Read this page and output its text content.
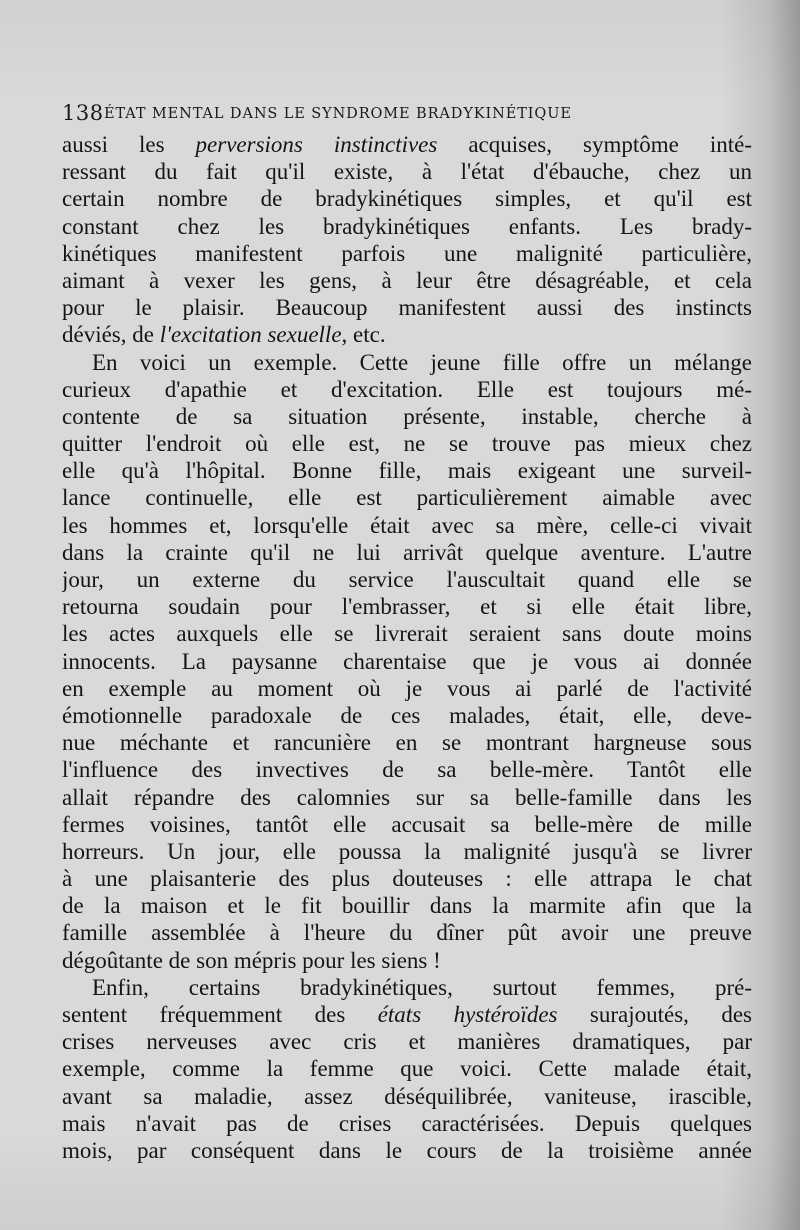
138 ÉTAT MENTAL DANS LE SYNDROME BRADYKINÉTIQUE
aussi les perversions instinctives acquises, symptôme inté-
ressant du fait qu'il existe, à l'état d'ébauche, chez un
certain nombre de bradykinétiques simples, et qu'il est
constant chez les bradykinétiques enfants. Les brady-
kinétiques manifestent parfois une malignité particulière,
aimant à vexer les gens, à leur être désagréable, et cela
pour le plaisir. Beaucoup manifestent aussi des instincts
déviés, de l'excitation sexuelle, etc.
En voici un exemple. Cette jeune fille offre un mélange
curieux d'apathie et d'excitation. Elle est toujours mé-
contente de sa situation présente, instable, cherche à
quitter l'endroit où elle est, ne se trouve pas mieux chez
elle qu'à l'hôpital. Bonne fille, mais exigeant une surveil-
lance continuelle, elle est particulièrement aimable avec
les hommes et, lorsqu'elle était avec sa mère, celle-ci vivait
dans la crainte qu'il ne lui arrivât quelque aventure. L'autre
jour, un externe du service l'auscultait quand elle se
retourna soudain pour l'embrasser, et si elle était libre,
les actes auxquels elle se livrerait seraient sans doute moins
innocents. La paysanne charentaise que je vous ai donnée
en exemple au moment où je vous ai parlé de l'activité
émotionnelle paradoxale de ces malades, était, elle, deve-
nue méchante et rancunière en se montrant hargneuse sous
l'influence des invectives de sa belle-mère. Tantôt elle
allait répandre des calomnies sur sa belle-famille dans les
fermes voisines, tantôt elle accusait sa belle-mère de mille
horreurs. Un jour, elle poussa la malignité jusqu'à se livrer
à une plaisanterie des plus douteuses : elle attrapa le chat
de la maison et le fit bouillir dans la marmite afin que la
famille assemblée à l'heure du dîner pût avoir une preuve
dégoûtante de son mépris pour les siens !
Enfin, certains bradykinétiques, surtout femmes, pré-
sentent fréquemment des états hystéroïdes surajoutés, des
crises nerveuses avec cris et manières dramatiques, par
exemple, comme la femme que voici. Cette malade était,
avant sa maladie, assez déséquilibrée, vaniteuse, irascible,
mais n'avait pas de crises caractérisées. Depuis quelques
mois, par conséquent dans le cours de la troisième année
